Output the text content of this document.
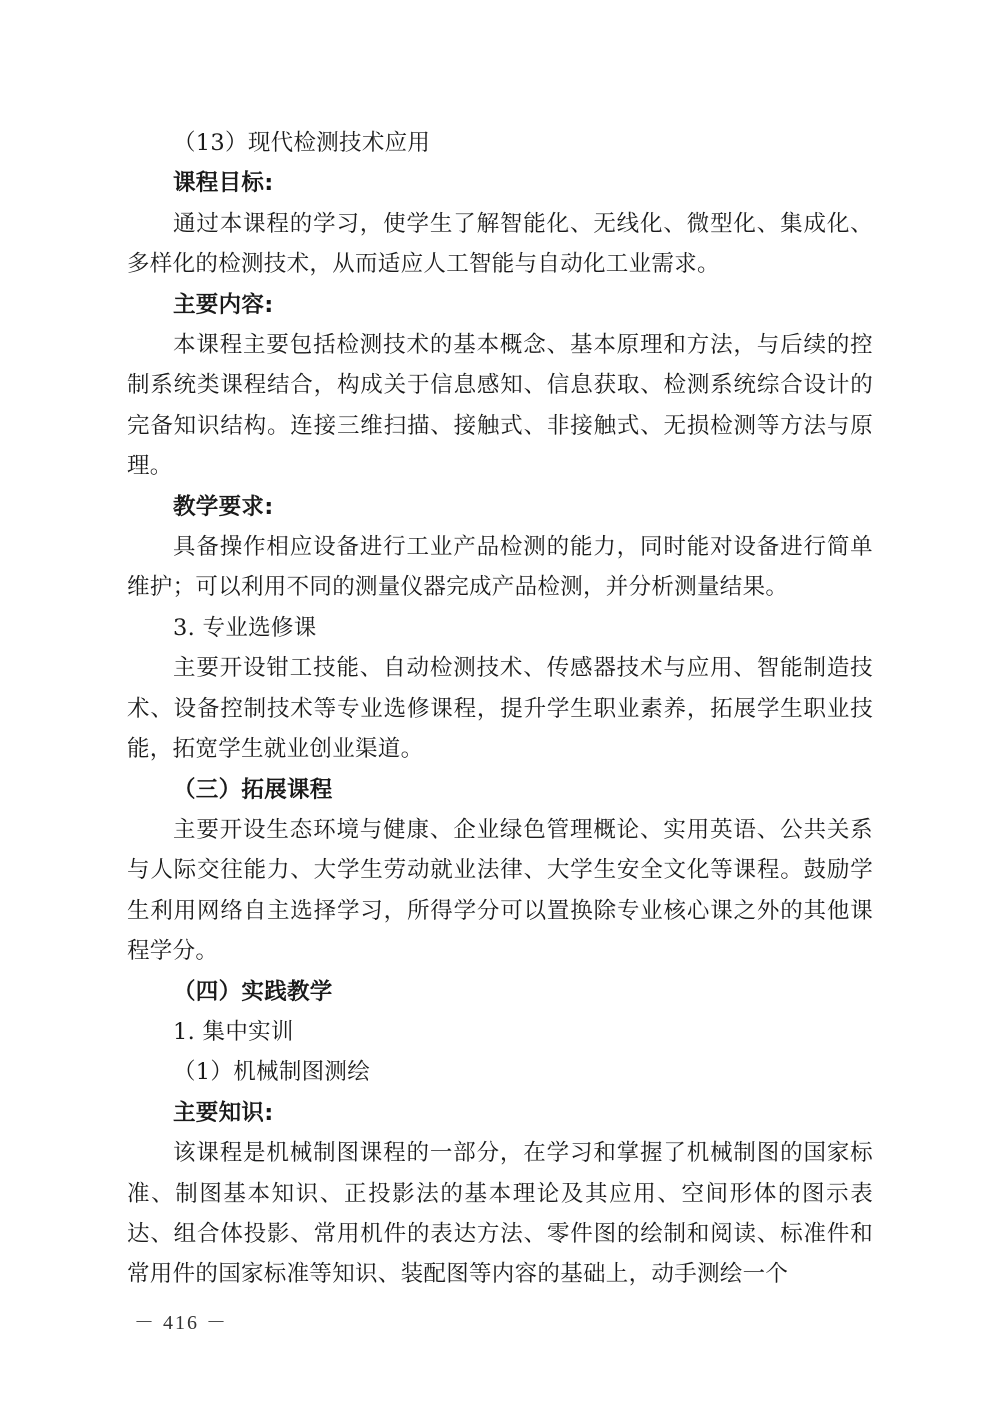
（13）现代检测技术应用

课程目标:

通过本课程的学习，使学生了解智能化、无线化、微型化、集成化、多样化的检测技术，从而适应人工智能与自动化工业需求。

主要内容:

本课程主要包括检测技术的基本概念、基本原理和方法，与后续的控制系统类课程结合，构成关于信息感知、信息获取、检测系统综合设计的完备知识结构。连接三维扫描、接触式、非接触式、无损检测等方法与原理。

教学要求:

具备操作相应设备进行工业产品检测的能力，同时能对设备进行简单维护；可以利用不同的测量仪器完成产品检测，并分析测量结果。

3. 专业选修课

主要开设钳工技能、自动检测技术、传感器技术与应用、智能制造技术、设备控制技术等专业选修课程，提升学生职业素养，拓展学生职业技能，拓宽学生就业创业渠道。

（三）拓展课程

主要开设生态环境与健康、企业绿色管理概论、实用英语、公共关系与人际交往能力、大学生劳动就业法律、大学生安全文化等课程。鼓励学生利用网络自主选择学习，所得学分可以置换除专业核心课之外的其他课程学分。

（四）实践教学

1. 集中实训

（1）机械制图测绘

主要知识:

该课程是机械制图课程的一部分，在学习和掌握了机械制图的国家标准、制图基本知识、正投影法的基本理论及其应用、空间形体的图示表达、组合体投影、常用机件的表达方法、零件图的绘制和阅读、标准件和常用件的国家标准等知识、装配图等内容的基础上，动手测绘一个

－ 416 －
